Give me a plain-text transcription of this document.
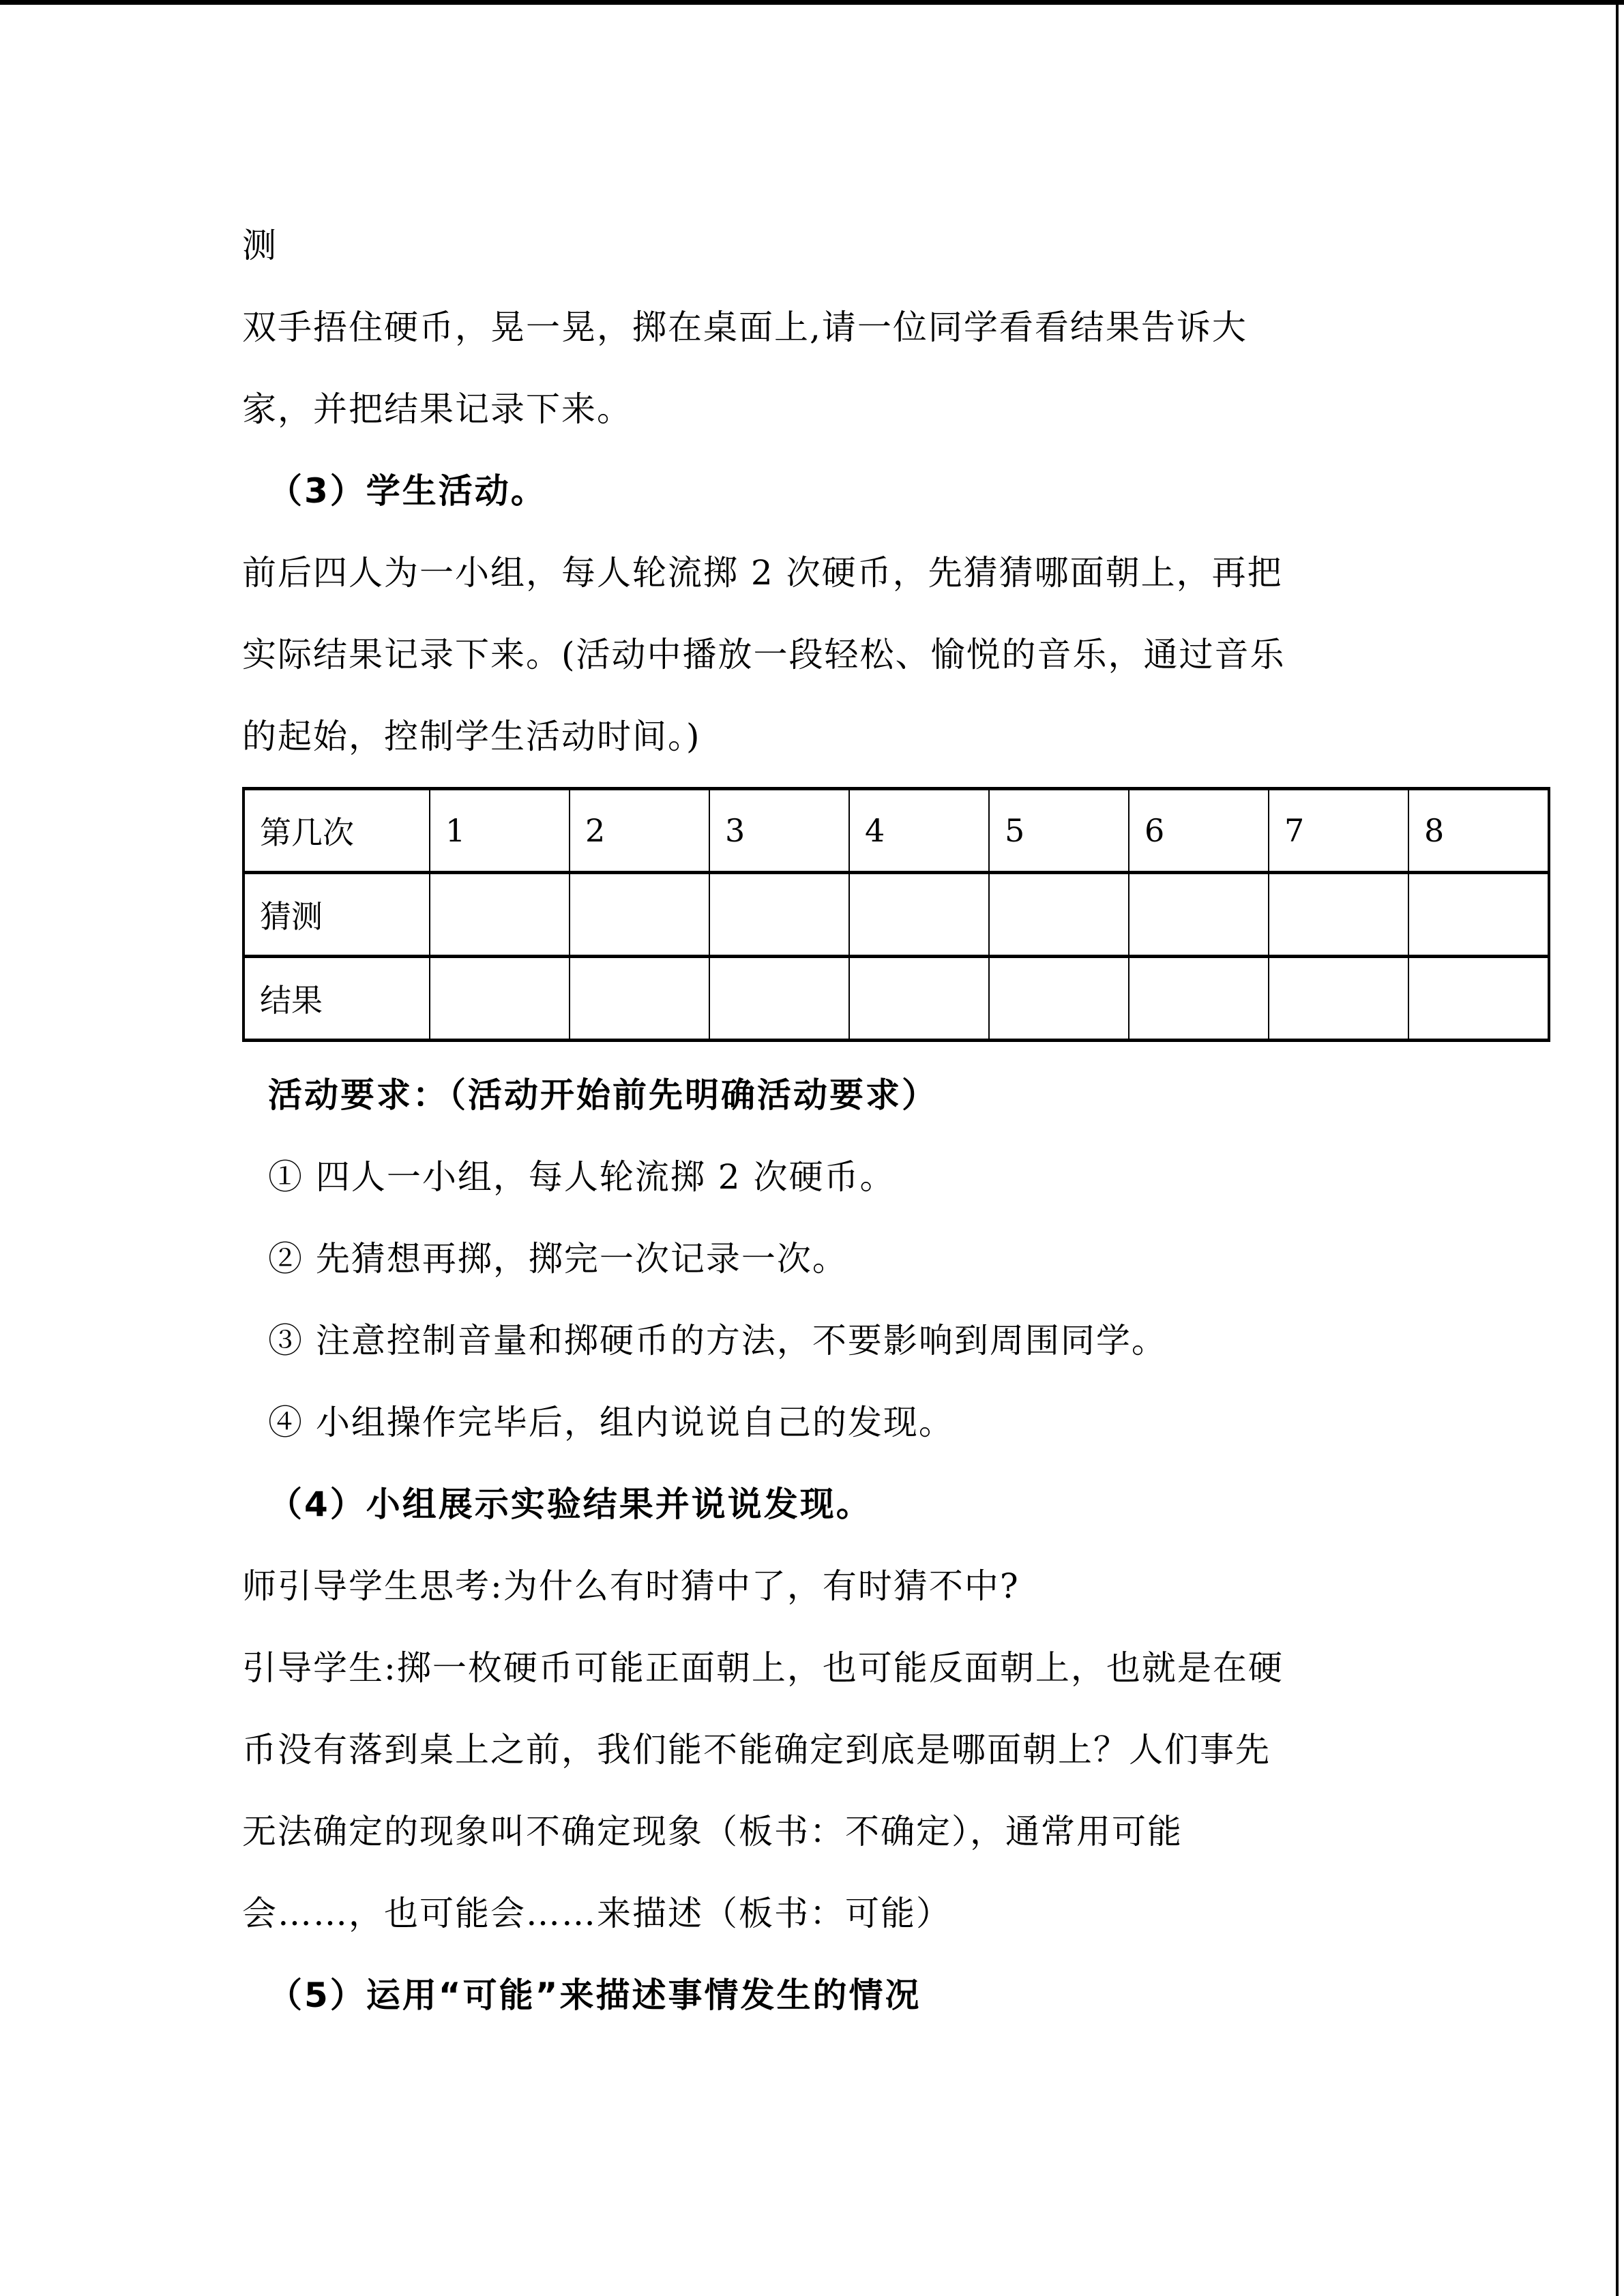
测
双手捂住硬币，晃一晃，掷在桌面上,请一位同学看看结果告诉大
家，并把结果记录下来。
（3）学生活动。
前后四人为一小组，每人轮流掷 2 次硬币，先猜猜哪面朝上，再把
实际结果记录下来。(活动中播放一段轻松、愉悦的音乐，通过音乐
的起始，控制学生活动时间。)
第几次	1	2	3	4	5	6	7	8
猜测								
结果								
活动要求：（活动开始前先明确活动要求）
① 四人一小组，每人轮流掷 2 次硬币。
② 先猜想再掷，掷完一次记录一次。
③ 注意控制音量和掷硬币的方法，不要影响到周围同学。
④ 小组操作完毕后，组内说说自己的发现。
（4）小组展示实验结果并说说发现。
师引导学生思考:为什么有时猜中了，有时猜不中?
引导学生:掷一枚硬币可能正面朝上，也可能反面朝上，也就是在硬
币没有落到桌上之前，我们能不能确定到底是哪面朝上？人们事先
无法确定的现象叫不确定现象（板书：不确定），通常用可能
会……，也可能会……来描述（板书：可能）
（5）运用“可能”来描述事情发生的情况
